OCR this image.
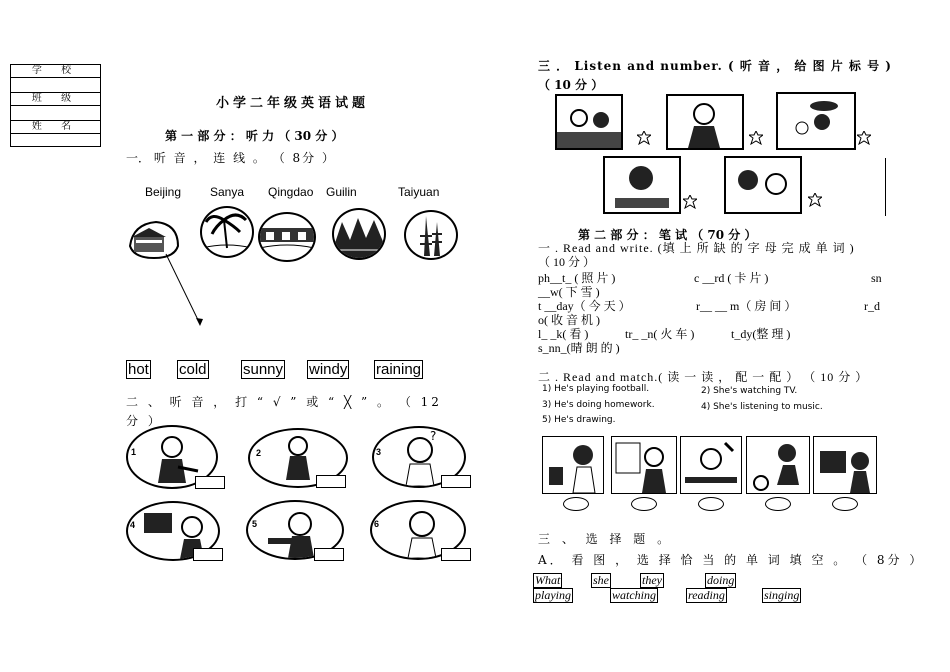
学 校
班 级
姓 名
小学二年级英语试题
第 一 部 分 ： 听 力 （ 30 分 ）
一． 听 音 ， 连 线 。 （ 8分 ）
Beijing Sanya Qingdao Guilin	Taiyuan
hot cold sunny windy raining
二 、 听 音 ， 打 “ √ ” 或 “ ╳ ” 。 （ 12
分 ）
1	2
?
3
4	5	6
三 ． Listen and number. ( 听 音 ， 给 图 片 标 号 )
（ 10 分 ）
第 二 部 分 ： 笔 试 （ 70 分 ）
一 . Read and write. (填 上 所 缺 的 字 母 完 成 单 词 )
（ 10 分 ）
ph__t_ ( 照 片 )	c __rd ( 卡 片 )	sn
__w( 下 雪 )
t __day（ 今 天 ）	r__ __ m（ 房 间 ）	r_d
o( 收 音 机 )
l_ _k( 看 )	tr_ _n( 火 车 )	t_dy(整 理 )
s_nn_(晴 朗 的 )
二 . Read and match.( 读 一 读 ， 配 一 配 ） （ 10 分 ）
1) He's playing football.	2) She's watching TV.
3) He's doing homework.	4) She's listening to music.
5) He's drawing.
三 、 选 择 题 。
A． 看 图 ， 选 择 恰 当 的 单 词 填 空 。 （ 8分 ）
What	she	they	doing
playing	watching	reading	singing
